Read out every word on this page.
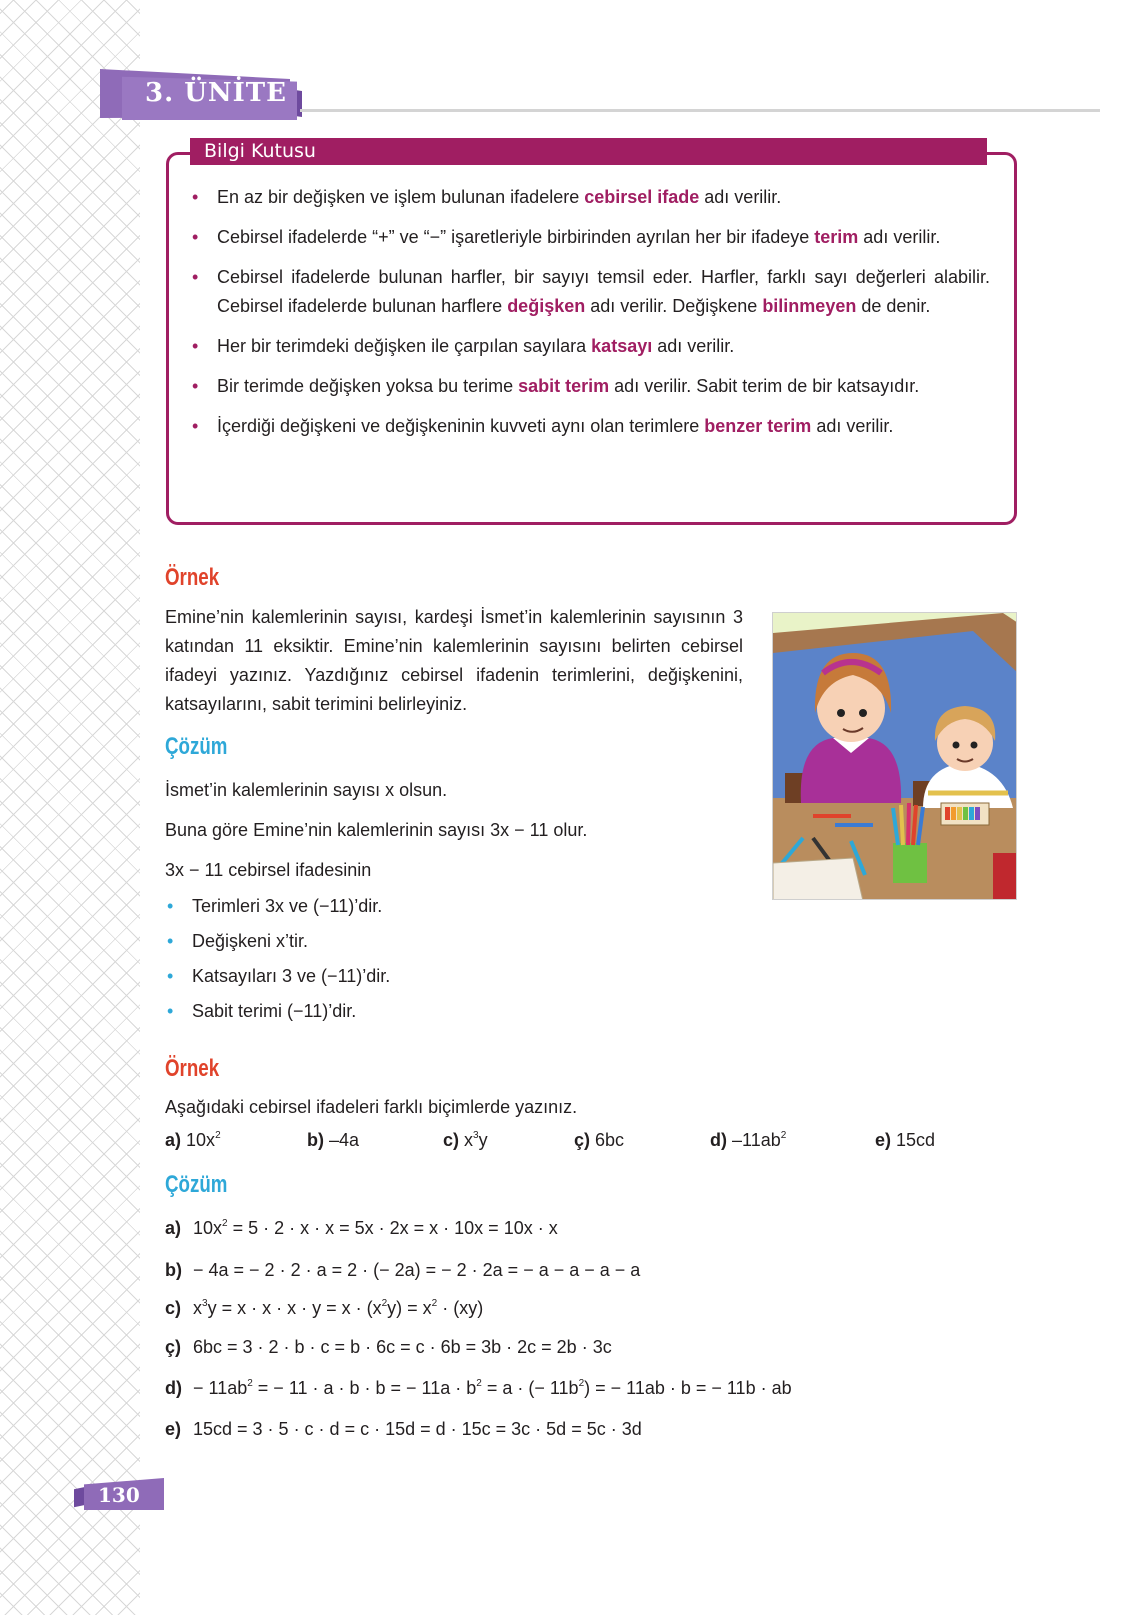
3. ÜNİTE
Bilgi Kutusu
• En az bir değişken ve işlem bulunan ifadelere cebirsel ifade adı verilir.
• Cebirsel ifadelerde “+” ve “−” işaretleriyle birbirinden ayrılan her bir ifadeye terim adı verilir.
• Cebirsel ifadelerde bulunan harfler, bir sayıyı temsil eder. Harfler, farklı sayı değerleri alabilir. Cebirsel ifadelerde bulunan harflere değişken adı verilir. Değişkene bilinmeyen de denir.
• Her bir terimdeki değişken ile çarpılan sayılara katsayı adı verilir.
• Bir terimde değişken yoksa bu terime sabit terim adı verilir. Sabit terim de bir katsayıdır.
• İçerdiği değişkeni ve değişkeninin kuvveti aynı olan terimlere benzer terim adı verilir.
Örnek
Emine’nin kalemlerinin sayısı, kardeşi İsmet’in kalemlerinin sayısının 3 katından 11 eksiktir. Emine’nin kalemlerinin sayısını belirten cebirsel ifadeyi yazınız. Yazdığınız cebirsel ifadenin terimlerini, değişkenini, katsayılarını, sabit terimini belirleyiniz.
Çözüm
İsmet’in kalemlerinin sayısı x olsun.
Buna göre Emine’nin kalemlerinin sayısı 3x − 11 olur.
3x − 11 cebirsel ifadesinin
• Terimleri 3x ve (−11)’dir.
• Değişkeni x’tir.
• Katsayıları 3 ve (−11)’dir.
• Sabit terimi (−11)’dir.
Örnek
Aşağıdaki cebirsel ifadeleri farklı biçimlerde yazınız.
a) $10x^2$	b) –4a	c) $x^3y$	ç) 6bc	d) $-11ab^2$	e) 15cd
Çözüm
a) $10x^2 = 5 \cdot 2 \cdot x \cdot x = 5x \cdot 2x = x \cdot 10x = 10x \cdot x$
b) − 4a = − 2 · 2 · a = 2 · (− 2a) = − 2 · 2a = − a − a − a − a
c) $x^3y = x \cdot x \cdot x \cdot y = x \cdot (x^2y) = x^2 \cdot (xy)$
ç) 6bc = 3 · 2 · b · c = b · 6c = c · 6b = 3b · 2c = 2b · 3c
$d) - 11ab^2$ = − 11 · a · b · b = − $11a \cdot b^2 = a$ · (− $11b^2$) = − 11ab · b = − 11b · ab
e) 15cd = 3 · 5 · c · d = c · 15d = d · 15c = 3c · 5d = 5c · 3d
130
